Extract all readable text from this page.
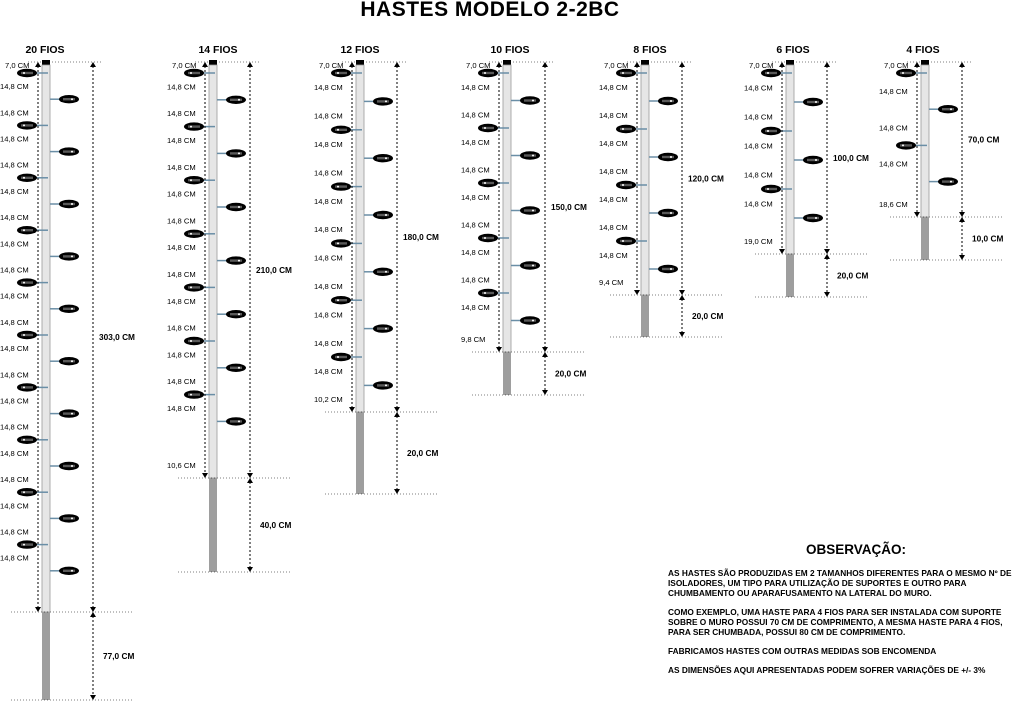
HASTES MODELO 2-2BC
20 FIOS
7,0 CM
14,8 CM
14,8 CM
14,8 CM
14,8 CM
14,8 CM
14,8 CM
14,8 CM
14,8 CM
14,8 CM
14,8 CM
14,8 CM
14,8 CM
14,8 CM
14,8 CM
14,8 CM
14,8 CM
14,8 CM
14,8 CM
14,8 CM
303,0 CM
77,0 CM
14 FIOS
7,0 CM
14,8 CM
14,8 CM
14,8 CM
14,8 CM
14,8 CM
14,8 CM
14,8 CM
14,8 CM
14,8 CM
14,8 CM
14,8 CM
14,8 CM
14,8 CM
10,6 CM
210,0 CM
40,0 CM
12 FIOS
7,0 CM
14,8 CM
14,8 CM
14,8 CM
14,8 CM
14,8 CM
14,8 CM
14,8 CM
14,8 CM
14,8 CM
14,8 CM
14,8 CM
10,2 CM
180,0 CM
20,0 CM
10 FIOS
7,0 CM
14,8 CM
14,8 CM
14,8 CM
14,8 CM
14,8 CM
14,8 CM
14,8 CM
14,8 CM
14,8 CM
9,8 CM
150,0 CM
20,0 CM
8 FIOS
7,0 CM
14,8 CM
14,8 CM
14,8 CM
14,8 CM
14,8 CM
14,8 CM
14,8 CM
9,4 CM
120,0 CM
20,0 CM
6 FIOS
7,0 CM
14,8 CM
14,8 CM
14,8 CM
14,8 CM
14,8 CM
19,0 CM
100,0 CM
20,0 CM
4 FIOS
7,0 CM
14,8 CM
14,8 CM
14,8 CM
18,6 CM
70,0 CM
10,0 CM
OBSERVAÇÃO:

AS HASTES SÃO PRODUZIDAS EM 2 TAMANHOS DIFERENTES PARA O MESMO Nº DE ISOLADORES, UM TIPO PARA UTILIZAÇÃO DE SUPORTES E OUTRO PARA CHUMBAMENTO OU APARAFUSAMENTO NA LATERAL DO MURO.

COMO EXEMPLO, UMA HASTE PARA 4 FIOS PARA SER INSTALADA COM SUPORTE SOBRE O MURO POSSUI 70 CM DE COMPRIMENTO, A MESMA HASTE PARA 4 FIOS, PARA SER CHUMBADA, POSSUI 80 CM DE COMPRIMENTO.

FABRICAMOS HASTES COM OUTRAS MEDIDAS SOB ENCOMENDA

AS DIMENSÕES AQUI APRESENTADAS PODEM SOFRER VARIAÇÕES DE +/- 3%
